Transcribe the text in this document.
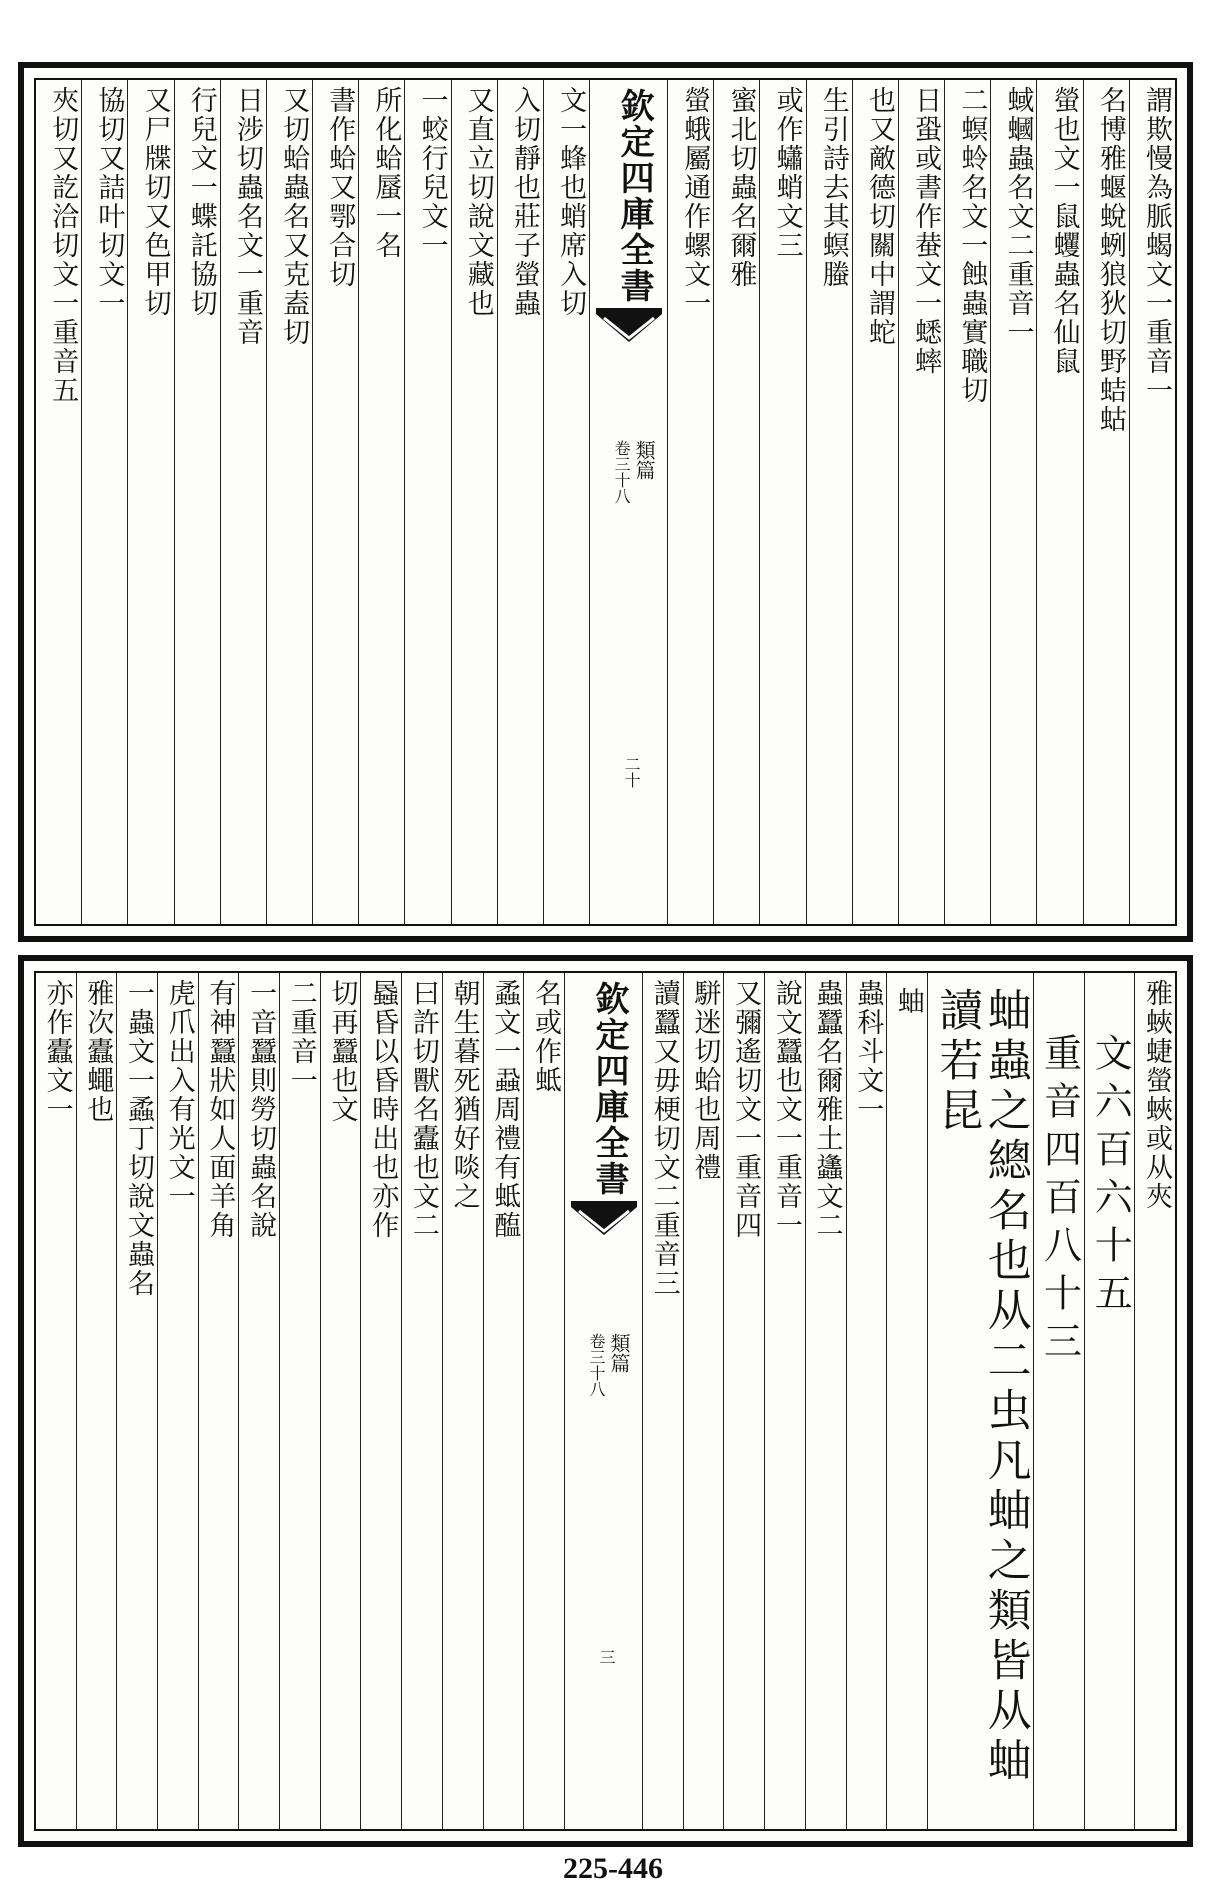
謂欺慢為脈蝎文一重音一
名博雅蝘蛻蛚狼狄切野蛣蛄
螢也文一鼠蠼蟲名仙鼠
蜮蟈蟲名文二重音一
二螟蛉名文一蝕蟲實職切
日蛩或書作蛬文一蟋蟀
也又敵德切關中謂蛇
生引詩去其螟螣
或作蠨蛸文三
蜜北切蟲名爾雅
螢蛾屬通作螺文一
欽定四庫全書
類篇
卷三十八
二十
文一蜂也蛸席入切
入切靜也莊子螢蟲
又直立切說文藏也
一蛟行兒文一
所化蛤蜃一名
書作蛤又鄂合切
又切蛤蟲名又克盍切
日涉切蟲名文一重音
行兒文一蝶託協切
又尸牒切又色甲切
協切又詰叶切文一
夾切又訖洽切文一重音五
雅蛺蜨螢蛺或从夾
文六百六十五
重音四百八十三
蚰蟲之總名也从二虫凡蚰之類皆从蚰讀若昆
蚰
蟲科斗文一
蟲蠶名爾雅土蠭文二
說文蠶也文一重音一
又彌遙切文一重音四
駢迷切蛤也周禮
讀蠶又毋梗切文二重音三
欽定四庫全書
類篇
卷三十八
三
名或作蚳
蟊文一蝨周禮有蚳醢
朝生暮死猶好啖之
曰許切獸名蠹也文二
蟁昏以昏時出也亦作
切再蠶也文
二重音一
一音蠶則勞切蟲名說
有神蠶狀如人面羊角
虎爪出入有光文一
一蟲文一蟊丁切說文蟲名
雅次蠹蠅也
亦作蠹文一
225-446
